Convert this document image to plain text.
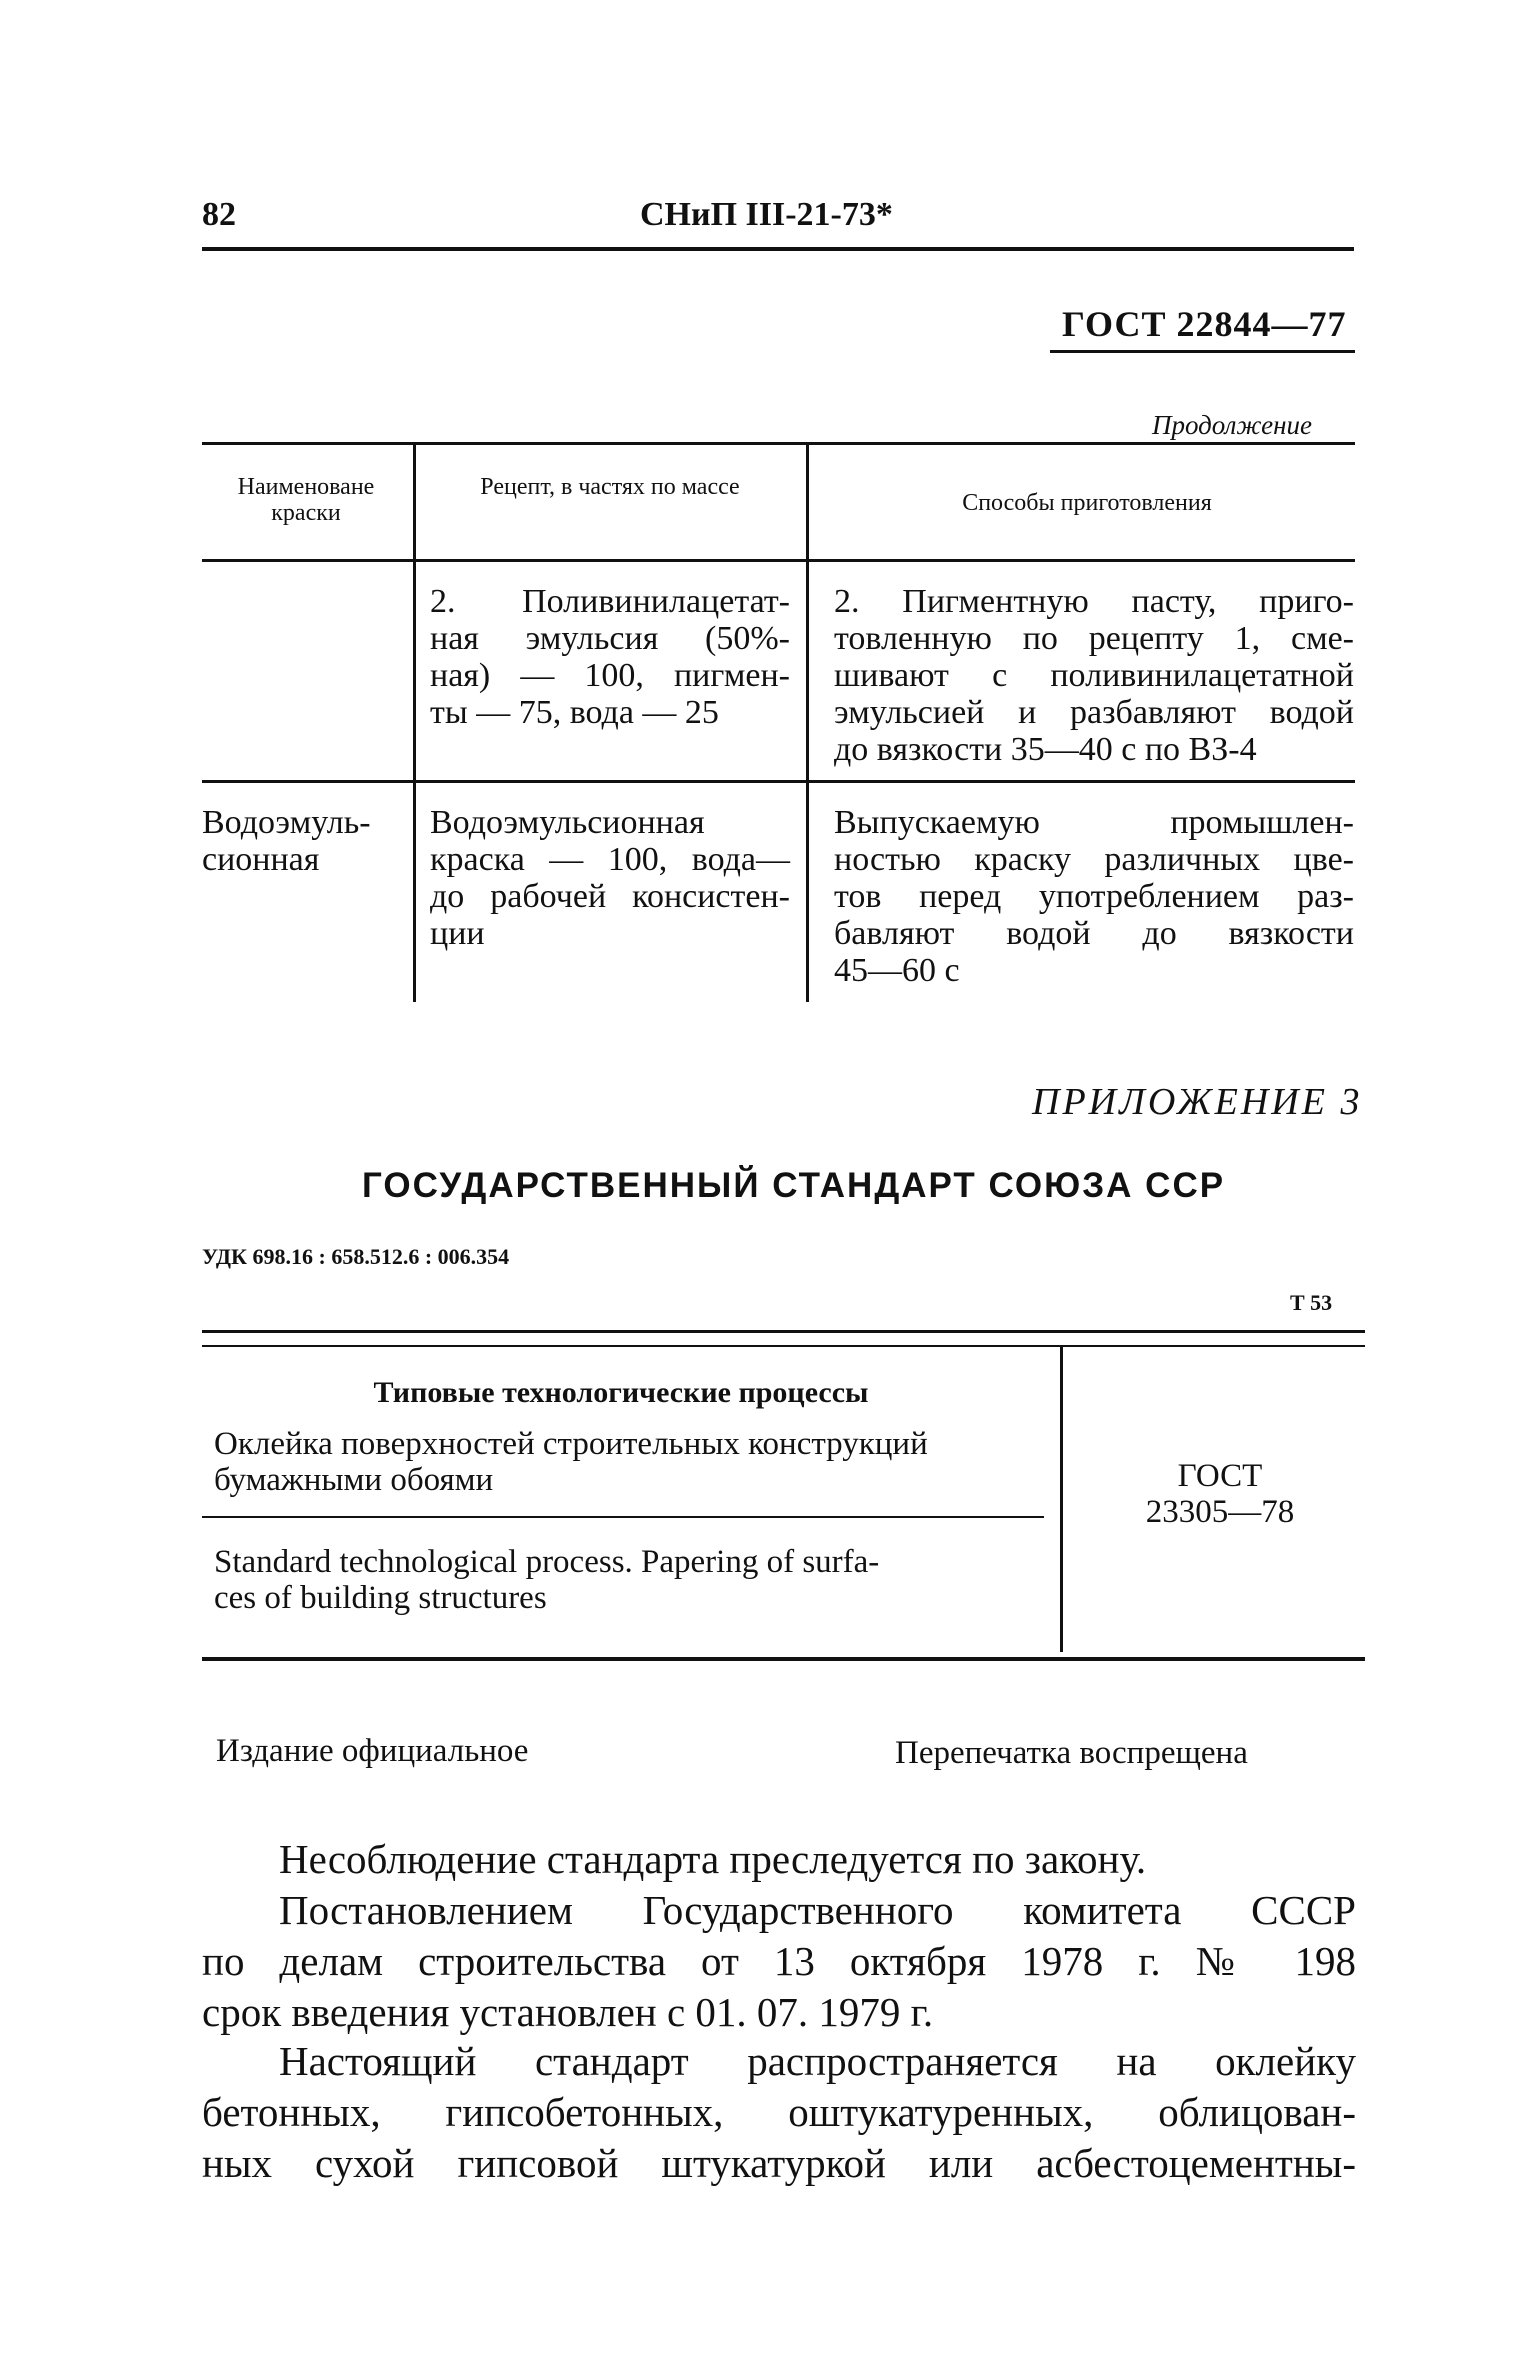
82	СНиП III-21-73*
ГОСТ 22844—77
Продолжение
Наименоване краски
Рецепт, в частях по массе
Способы приготовления
2. Поливинилацетат-
ная эмульсия (50%-
ная) — 100, пигмен-
ты — 75, вода — 25
2. Пигментную пасту, приго-
товленную по рецепту 1, сме-
шивают с поливинилацетатной
эмульсией и разбавляют водой
до вязкости 35—40 с по ВЗ-4
Водоэмуль-
сионная
Водоэмульсионная
краска — 100, вода—
до рабочей консистен-
ции
Выпускаемую промышлен-
ностью краску различных цве-
тов перед употреблением раз-
бавляют водой до вязкости
45—60 с
ПРИЛОЖЕНИЕ 3
ГОСУДАРСТВЕННЫЙ СТАНДАРТ СОЮЗА ССР
УДК 698.16 : 658.512.6 : 006.354
Т 53
Типовые технологические процессы
Оклейка поверхностей строительных конструкций
бумажными обоями
Standard technological process. Papering of surfa-
ces of building structures
ГОСТ
23305—78
Издание официальное	Перепечатка воспрещена
Несоблюдение стандарта преследуется по закону.
Постановлением Государственного комитета СССР
по делам строительства от 13 октября 1978 г. № 198
срок введения установлен с 01. 07. 1979 г.
Настоящий стандарт распространяется на оклейку
бетонных, гипсобетонных, оштукатуренных, облицован-
ных сухой гипсовой штукатуркой или асбестоцементны-
